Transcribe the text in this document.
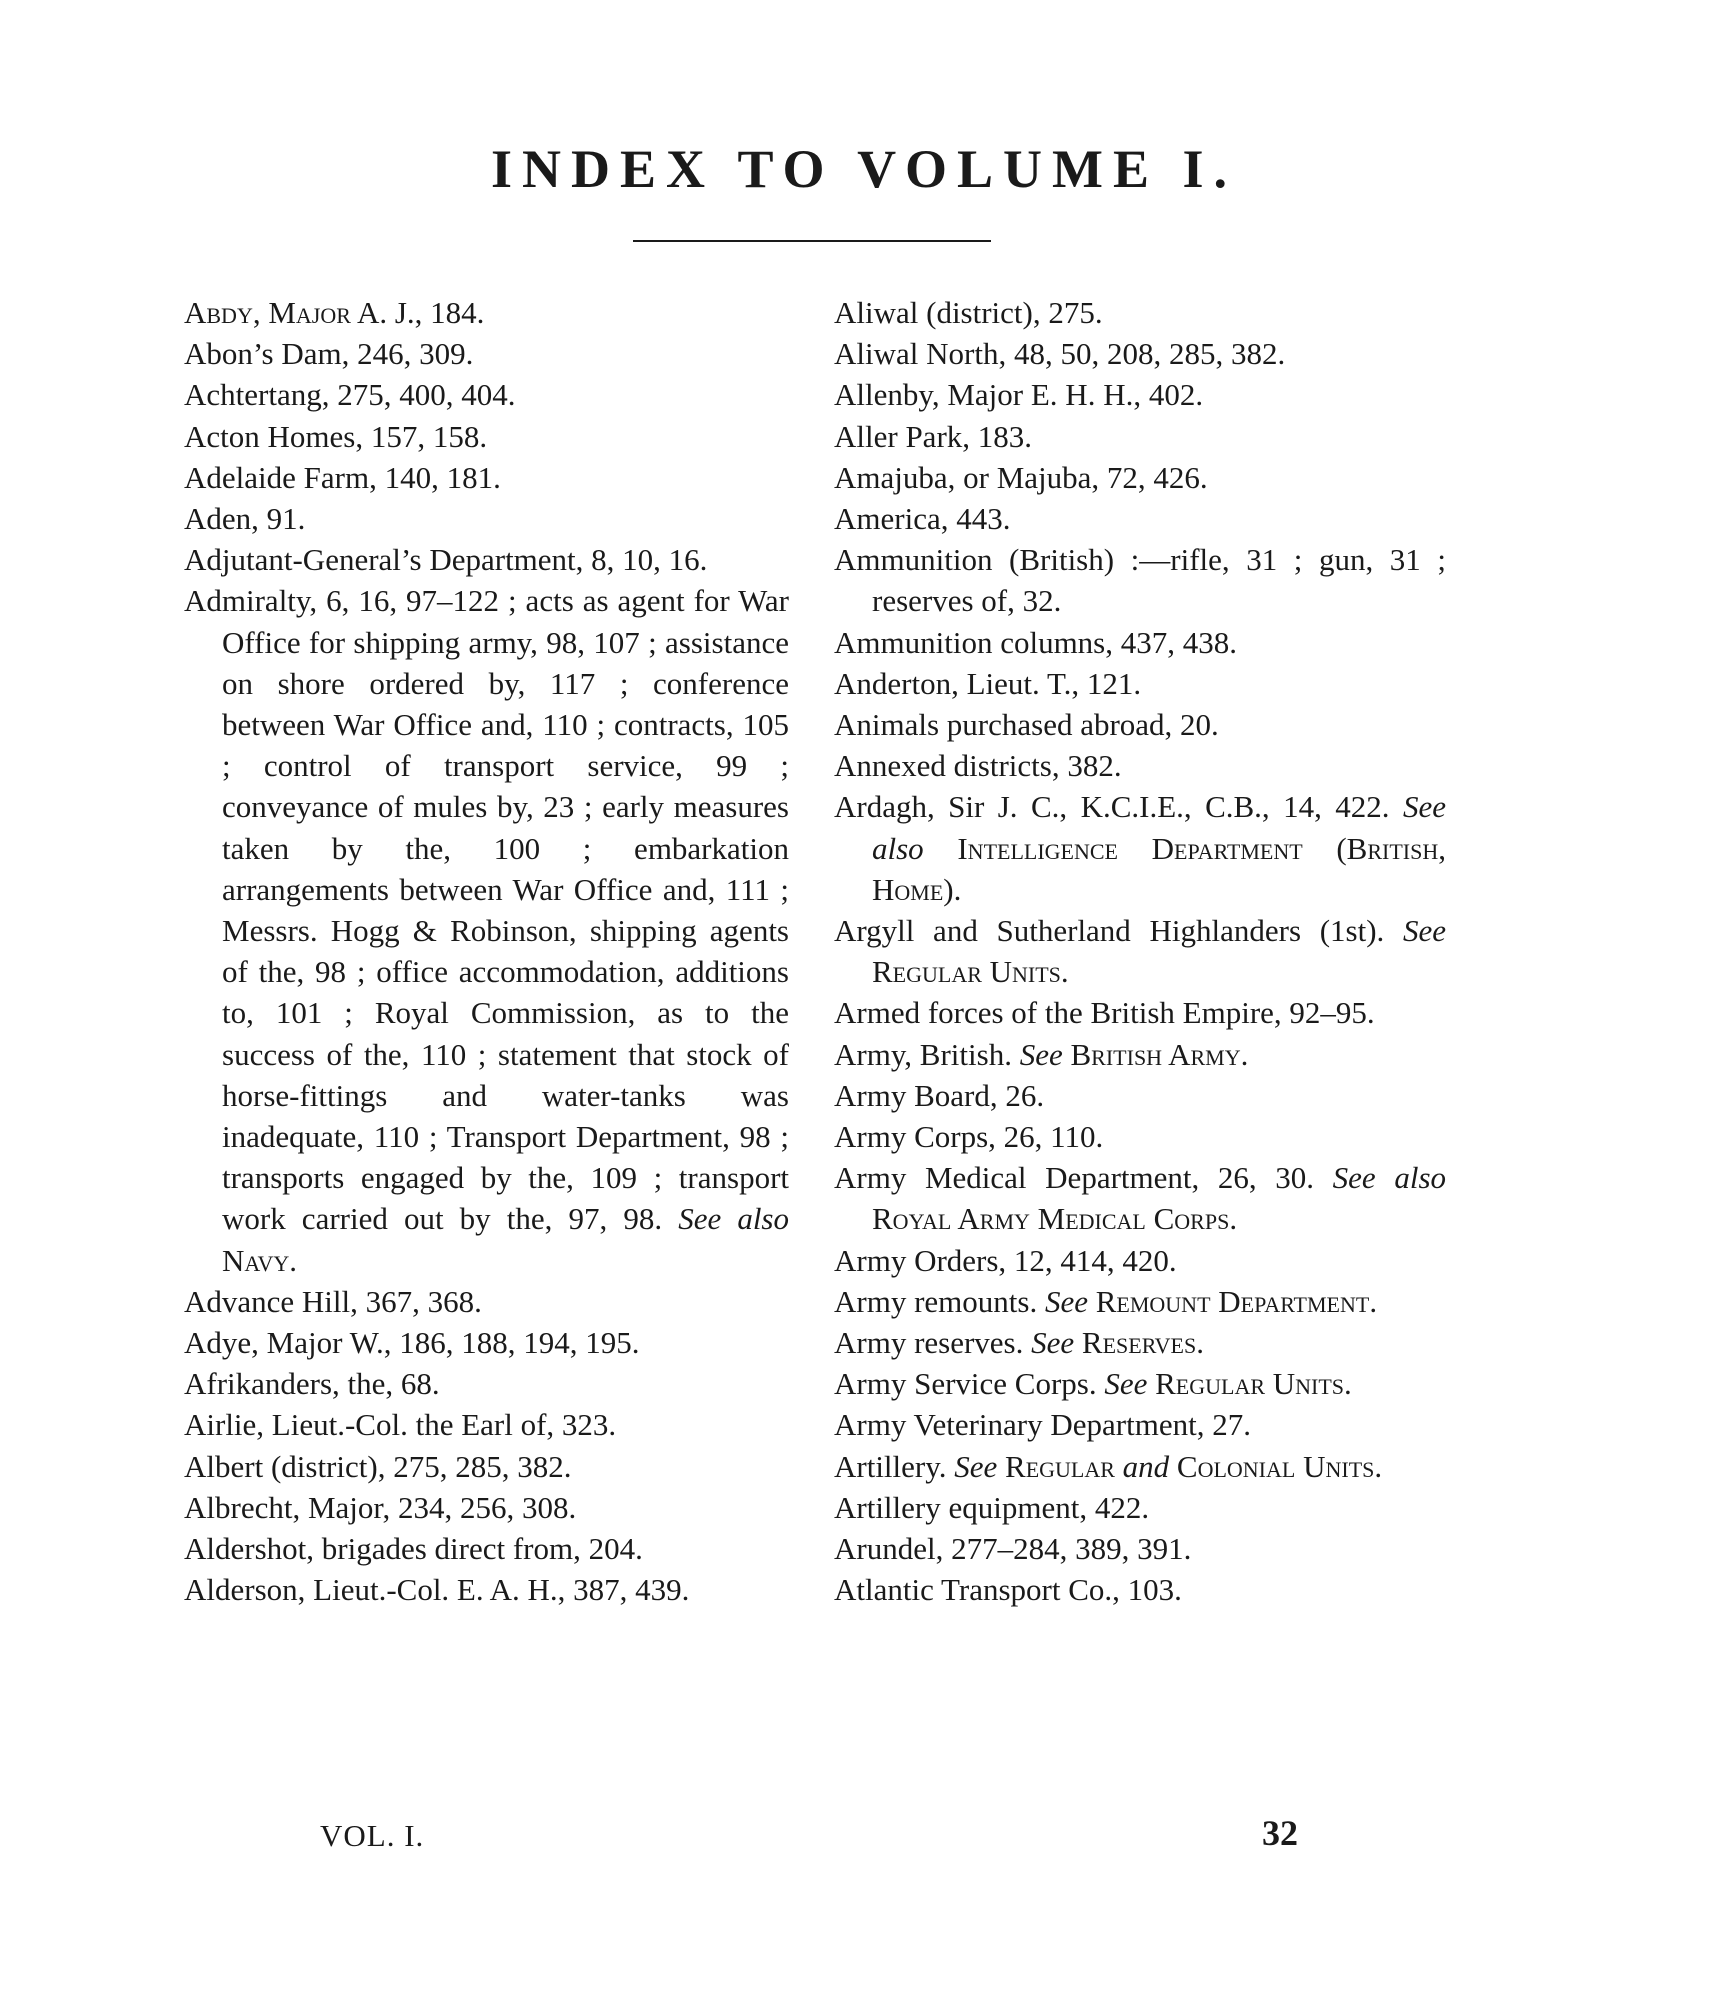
INDEX TO VOLUME I.
Abdy, Major A. J., 184.
Abon’s Dam, 246, 309.
Achtertang, 275, 400, 404.
Acton Homes, 157, 158.
Adelaide Farm, 140, 181.
Aden, 91.
Adjutant-General’s Department, 8, 10, 16.
Admiralty, 6, 16, 97–122 ; acts as agent for War Office for shipping army, 98, 107 ; assistance on shore ordered by, 117 ; conference between War Office and, 110 ; contracts, 105 ; control of transport service, 99 ; conveyance of mules by, 23 ; early measures taken by the, 100 ; embarkation arrangements between War Office and, 111 ; Messrs. Hogg & Robinson, shipping agents of the, 98 ; office accommodation, additions to, 101 ; Royal Commission, as to the success of the, 110 ; statement that stock of horse-fittings and water-tanks was inadequate, 110 ; Transport Department, 98 ; transports engaged by the, 109 ; transport work carried out by the, 97, 98. See also Navy.
Advance Hill, 367, 368.
Adye, Major W., 186, 188, 194, 195.
Afrikanders, the, 68.
Airlie, Lieut.-Col. the Earl of, 323.
Albert (district), 275, 285, 382.
Albrecht, Major, 234, 256, 308.
Aldershot, brigades direct from, 204.
Alderson, Lieut.-Col. E. A. H., 387, 439.
Aliwal (district), 275.
Aliwal North, 48, 50, 208, 285, 382.
Allenby, Major E. H. H., 402.
Aller Park, 183.
Amajuba, or Majuba, 72, 426.
America, 443.
Ammunition (British) :—rifle, 31 ; gun, 31 ; reserves of, 32.
Ammunition columns, 437, 438.
Anderton, Lieut. T., 121.
Animals purchased abroad, 20.
Annexed districts, 382.
Ardagh, Sir J. C., K.C.I.E., C.B., 14, 422. See also Intelligence Department (British, Home).
Argyll and Sutherland Highlanders (1st). See Regular Units.
Armed forces of the British Empire, 92–95.
Army, British. See British Army.
Army Board, 26.
Army Corps, 26, 110.
Army Medical Department, 26, 30. See also Royal Army Medical Corps.
Army Orders, 12, 414, 420.
Army remounts. See Remount Department.
Army reserves. See Reserves.
Army Service Corps. See Regular Units.
Army Veterinary Department, 27.
Artillery. See Regular and Colonial Units.
Artillery equipment, 422.
Arundel, 277–284, 389, 391.
Atlantic Transport Co., 103.
VOL. I.	32
